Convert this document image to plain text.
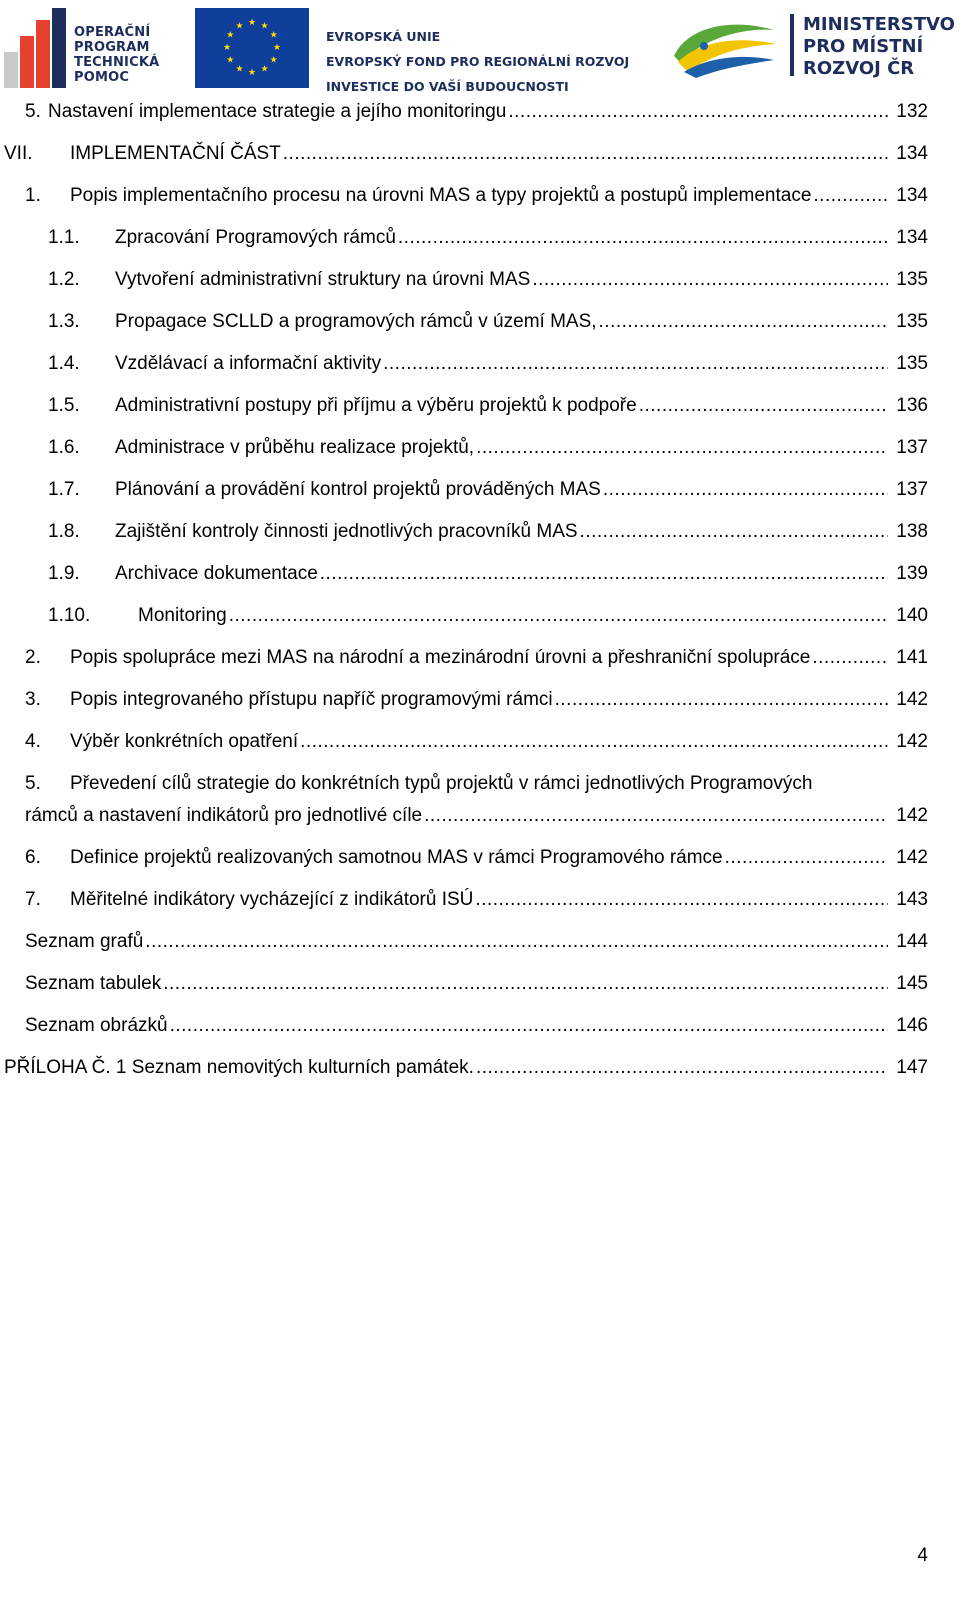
OPERAČNÍ
PROGRAM
TECHNICKÁ
POMOC
★ ★
★
★
★
★
★
★
★
★
★
★
EVROPSKÁ UNIE
EVROPSKÝ FOND PRO REGIONÁLNÍ ROZVOJ
INVESTICE DO VAŠÍ BUDOUCNOSTI
MINISTERSTVO
PRO MÍSTNÍ
ROZVOJ ČR
5. Nastavení implementace strategie a jejího monitoringu .....	132
VII. IMPLEMENTAČNÍ ČÁST .....	134
1. Popis implementačního procesu na úrovni MAS a typy projektů a postupů implementace .....	134
1.1. Zpracování Programových rámců .....	134
1.2. Vytvoření administrativní struktury na úrovni MAS .....	135
1.3. Propagace SCLLD a programových rámců v území MAS, .....	135
1.4. Vzdělávací a informační aktivity .....	135
1.5. Administrativní postupy při příjmu a výběru projektů k podpoře .....	136
1.6. Administrace v průběhu realizace projektů, .....	137
1.7. Plánování a provádění kontrol projektů prováděných MAS .....	137
1.8. Zajištění kontroly činnosti jednotlivých pracovníků MAS .....	138
1.9. Archivace dokumentace .....	139
1.10.	Monitoring .....	140
2. Popis spolupráce mezi MAS na národní a mezinárodní úrovni a přeshraniční spolupráce .....	141
3. Popis integrovaného přístupu napříč programovými rámci .....	142
4. Výběr konkrétních opatření .....	142
5. Převedení cílů strategie do konkrétních typů projektů v rámci jednotlivých Programových
rámců a nastavení indikátorů pro jednotlivé cíle .....	142
6. Definice projektů realizovaných samotnou MAS v rámci Programového rámce .....	142
7. Měřitelné indikátory vycházející z indikátorů ISÚ .....	143
Seznam grafů .....	144
Seznam tabulek .....	145
Seznam obrázků .....	146
PŘÍLOHA Č. 1 Seznam nemovitých kulturních památek. .....	147
4
